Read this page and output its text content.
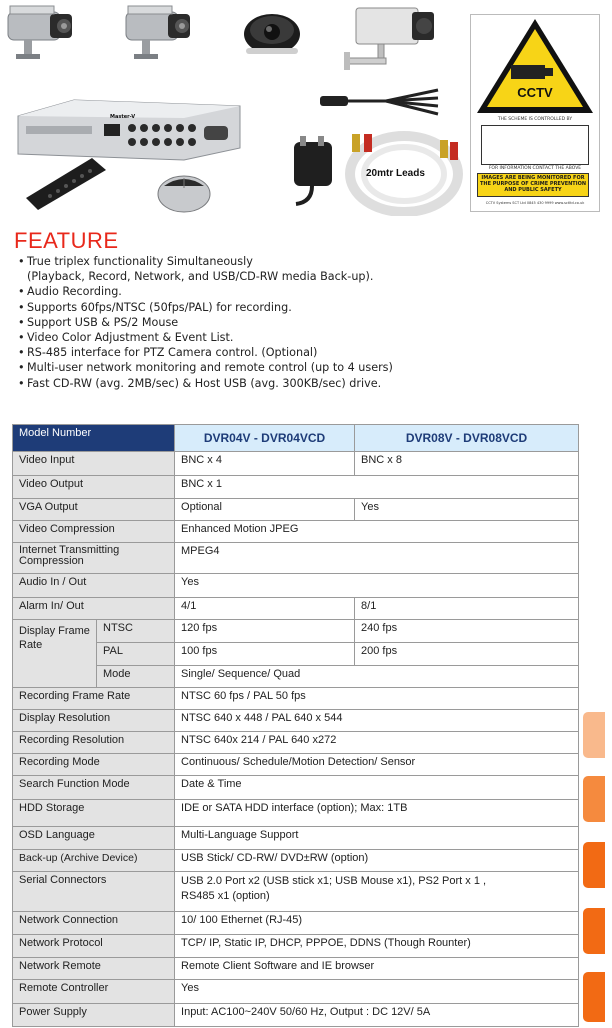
CCTV
THE SCHEME IS CONTROLLED BY
FOR INFORMATION CONTACT THE ABOVE
IMAGES ARE BEING MONITORED FOR THE PURPOSE OF CRIME PREVENTION AND PUBLIC SAFETY
CCTV Systems SCT Ltd 0845 430 9999 www.sctltd.co.uk
Master-V
20mtr Leads
FEATURE
• True triplex functionality Simultaneously
(Playback, Record, Network, and USB/CD-RW media Back-up).
• Audio Recording.
• Supports 60fps/NTSC (50fps/PAL) for recording.
• Support USB & PS/2 Mouse
• Video Color Adjustment & Event List.
• RS-485 interface for PTZ Camera control. (Optional)
• Multi-user network monitoring and remote control (up to 4 users)
• Fast CD-RW (avg. 2MB/sec) & Host USB (avg. 300KB/sec) drive.
Model Number		DVR04V - DVR04VCD	DVR08V - DVR08VCD
Video Input		BNC x 4	BNC x 8
Video Output		BNC x 1	
VGA Output		Optional	Yes
Video Compression		Enhanced Motion JPEG	
Internet Transmitting Compression		MPEG4	
Audio In / Out		Yes	
Alarm In/ Out		4/1	8/1
Display Frame Rate	NTSC	120 fps	240 fps
	PAL	100 fps	200 fps
	Mode	Single/ Sequence/ Quad	
Recording Frame Rate		NTSC 60 fps / PAL 50 fps	
Display Resolution		NTSC 640 x 448 / PAL 640 x 544	
Recording Resolution		NTSC 640x 214 / PAL 640 x272	
Recording Mode		Continuous/ Schedule/Motion Detection/ Sensor	
Search Function Mode		Date & Time	
HDD Storage		IDE or SATA HDD interface (option); Max: 1TB	
OSD Language		Multi-Language Support	
Back-up (Archive Device)		USB Stick/ CD-RW/ DVD±RW (option)	
Serial Connectors		USB 2.0 Port x2 (USB stick x1; USB Mouse x1), PS2 Port x 1 ,
RS485 x1 (option)	

Network Connection		10/ 100 Ethernet (RJ-45)	
Network Protocol		TCP/ IP, Static IP, DHCP, PPPOE, DDNS (Though Rounter)	
Network Remote		Remote Client Software and IE browser	
Remote Controller		Yes	
Power Supply		Input: AC100~240V 50/60 Hz, Output : DC 12V/ 5A	
